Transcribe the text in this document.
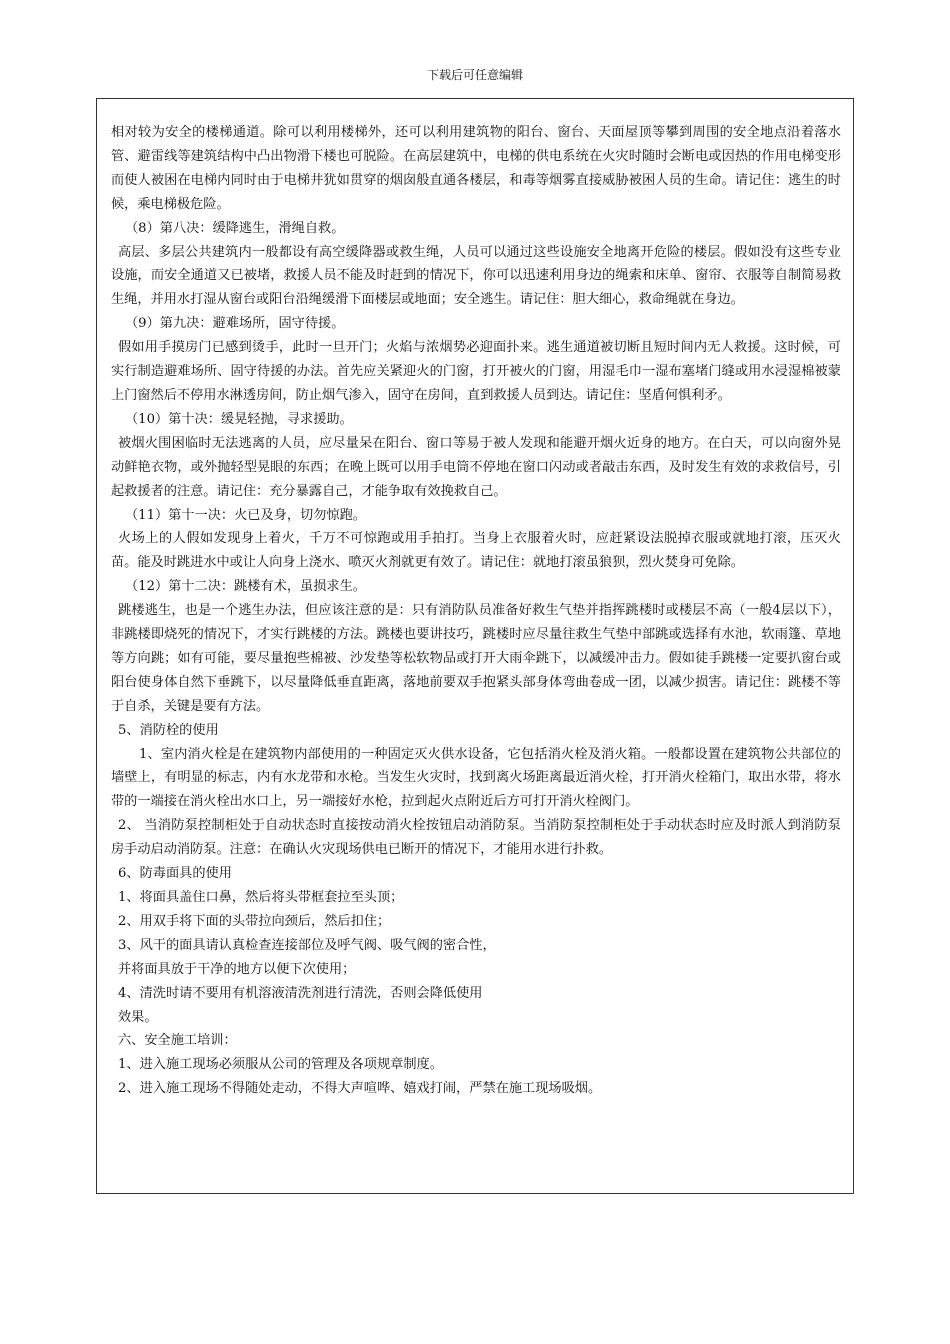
下载后可任意编辑

相对较为安全的楼梯通道。除可以利用楼梯外，还可以利用建筑物的阳台、窗台、天面屋顶等攀到周围的安全地点沿着落水管、避雷线等建筑结构中凸出物滑下楼也可脱险。在高层建筑中，电梯的供电系统在火灾时随时会断电或因热的作用电梯变形而使人被困在电梯内同时由于电梯井犹如贯穿的烟囱般直通各楼层，和毒等烟雾直接威胁被困人员的生命。请记住：逃生的时候，乘电梯极危险。

（8）第八决：缓降逃生，滑绳自救。

高层、多层公共建筑内一般都设有高空缓降器或救生绳，人员可以通过这些设施安全地离开危险的楼层。假如没有这些专业设施，而安全通道又已被堵，救援人员不能及时赶到的情况下，你可以迅速利用身边的绳索和床单、窗帘、衣服等自制简易救生绳，并用水打湿从窗台或阳台沿绳缓滑下面楼层或地面；安全逃生。请记住：胆大细心，救命绳就在身边。

（9）第九决：避难场所，固守待援。

假如用手摸房门已感到烫手，此时一旦开门；火焰与浓烟势必迎面扑来。逃生通道被切断且短时间内无人救援。这时候，可实行制造避难场所、固守待援的办法。首先应关紧迎火的门窗，打开被火的门窗，用湿毛巾一湿布塞堵门缝或用水浸湿棉被蒙上门窗然后不停用水淋透房间，防止烟气渗入，固守在房间，直到救援人员到达。请记住：坚盾何惧利矛。

（10）第十决：缓晃轻抛，寻求援助。

被烟火围困临时无法逃离的人员，应尽量呆在阳台、窗口等易于被人发现和能避开烟火近身的地方。在白天，可以向窗外晃动鲜艳衣物，或外抛轻型晃眼的东西；在晚上既可以用手电筒不停地在窗口闪动或者敲击东西，及时发生有效的求救信号，引起救援者的注意。请记住：充分暴露自己，才能争取有效挽救自己。

（11）第十一决：火已及身，切勿惊跑。

火场上的人假如发现身上着火，千万不可惊跑或用手拍打。当身上衣服着火时，应赶紧设法脱掉衣服或就地打滚，压灭火苗。能及时跳进水中或让人向身上浇水、喷灭火剂就更有效了。请记住：就地打滚虽狼狈，烈火焚身可免除。

（12）第十二决：跳楼有术，虽损求生。

跳楼逃生，也是一个逃生办法，但应该注意的是：只有消防队员准备好救生气垫并指挥跳楼时或楼层不高（一般4层以下），非跳楼即烧死的情况下，才实行跳楼的方法。跳楼也要讲技巧，跳楼时应尽量往救生气垫中部跳或选择有水池，软雨篷、草地等方向跳；如有可能，要尽量抱些棉被、沙发垫等松软物品或打开大雨伞跳下，以减缓冲击力。假如徒手跳楼一定要扒窗台或阳台使身体自然下垂跳下，以尽量降低垂直距离，落地前要双手抱紧头部身体弯曲卷成一团，以减少损害。请记住：跳楼不等于自杀，关键是要有方法。

5、消防栓的使用

1、室内消火栓是在建筑物内部使用的一种固定灭火供水设备，它包括消火栓及消火箱。一般都设置在建筑物公共部位的墙壁上，有明显的标志，内有水龙带和水枪。当发生火灾时，找到离火场距离最近消火栓，打开消火栓箱门，取出水带，将水带的一端接在消火栓出水口上，另一端接好水枪，拉到起火点附近后方可打开消火栓阀门。

2、 当消防泵控制柜处于自动状态时直接按动消火栓按钮启动消防泵。当消防泵控制柜处于手动状态时应及时派人到消防泵房手动启动消防泵。注意：在确认火灾现场供电已断开的情况下，才能用水进行扑救。

6、防毒面具的使用

1、将面具盖住口鼻，然后将头带框套拉至头顶；

2、用双手将下面的头带拉向颈后，然后扣住；

3、风干的面具请认真检查连接部位及呼气阀、吸气阀的密合性，

并将面具放于干净的地方以便下次使用；

4、清洗时请不要用有机溶液清洗剂进行清洗，否则会降低使用

效果。

六、安全施工培训：

1、进入施工现场必须服从公司的管理及各项规章制度。

2、进入施工现场不得随处走动，不得大声喧哗、嬉戏打闹，严禁在施工现场吸烟。
